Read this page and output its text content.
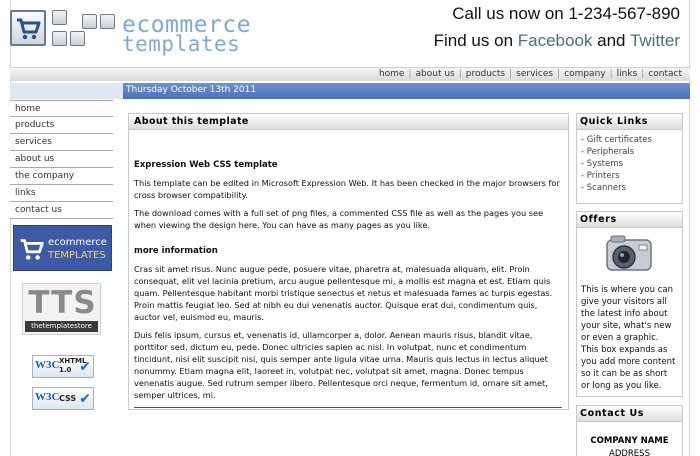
ecommerce
templates
Call us now on 1-234-567-890
Find us on Facebook and Twitter
home | about us | products | services | company | links | contact
Thursday October 13th 2011
home
products
services
about us
the company
links
contact us
ecommerce
TEMPLATES
TTS
thetemplatestore
W3C XHTML
1.0 ✔
W3C CSS ✔
About this template
Expression Web CSS template

This template can be edited in Microsoft Expression Web. It has been checked in the major browsers for cross browser compatibility.

The download comes with a full set of png files, a commented CSS file as well as the pages you see when viewing the design here. You can have as many pages as you like.

more information

Cras sit amet risus. Nunc augue pede, posuere vitae, pharetra at, malesuada aliquam, elit. Proin consequat, elit vel lacinia pretium, arcu augue pellentesque mi, a mollis est magna et est. Etiam quis quam. Pellentesque habitant morbi tristique senectus et netus et malesuada fames ac turpis egestas. Proin mattis feugiat leo. Sed at nibh eu dui venenatis auctor. Quisque erat dui, condimentum quis, auctor vel, euismod eu, mauris.

Duis felis ipsum, cursus et, venenatis id, ullamcorper a, dolor. Aenean mauris risus, blandit vitae, porttitor sed, dictum eu, pede. Donec ultricies sapien ac nisl. In volutpat, nunc et condimentum tincidunt, nisi elit suscipit nisi, quis semper ante ligula vitae urna. Mauris quis lectus in lectus aliquet nonummy. Etiam magna elit, laoreet in, volutpat nec, volutpat sit amet, magna. Donec tempus venenatis augue. Sed rutrum semper libero. Pellentesque orci neque, fermentum id, ornare sit amet, semper ultrices, mi.

Quick Links
- Gift certificates
- Peripherals
- Systems
- Printers
- Scanners
Offers
This is where you can give your visitors all the latest info about your site, what's new or even a graphic. This box expands as you add more content so it can be as short or long as you like.
Contact Us
COMPANY NAME
ADDRESS
